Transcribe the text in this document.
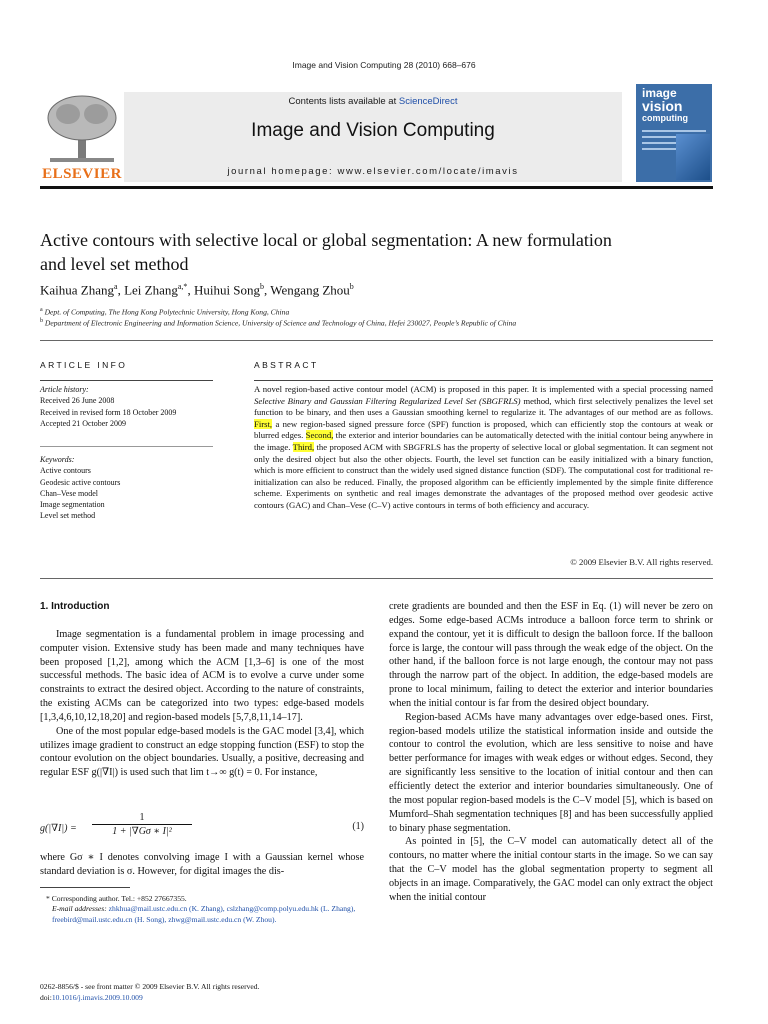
Image and Vision Computing 28 (2010) 668–676
ELSEVIER
Contents lists available at ScienceDirect
Image and Vision Computing
journal homepage: www.elsevier.com/locate/imavis
image
vision
computing
Active contours with selective local or global segmentation: A new formulation
and level set method
Kaihua Zhang$^a$, Lei Zhang$^{a,*}$, Huihui Song$^b$, Wengang Zhou$^b$
$^a$ Dept. of Computing, The Hong Kong Polytechnic University, Hong Kong, China
$^b$ Department of Electronic Engineering and Information Science, University of Science and Technology of China, Hefei 230027, People’s Republic of China
ARTICLE INFO
Article history:
Received 26 June 2008
Received in revised form 18 October 2009
Accepted 21 October 2009
Keywords:
Active contours
Geodesic active contours
Chan–Vese model
Image segmentation
Level set method
ABSTRACT
A novel region-based active contour model (ACM) is proposed in this paper. It is implemented with a special processing named Selective Binary and Gaussian Filtering Regularized Level Set (SBGFRLS) method, which first selectively penalizes the level set function to be binary, and then uses a Gaussian smoothing kernel to regularize it. The advantages of our method are as follows. First, a new region-based signed pressure force (SPF) function is proposed, which can efficiently stop the contours at weak or blurred edges. Second, the exterior and interior boundaries can be automatically detected with the initial contour being anywhere in the image. Third, the proposed ACM with SBGFRLS has the property of selective local or global segmentation. It can segment not only the desired object but also the other objects. Fourth, the level set function can be easily initialized with a binary function, which is more efficient to construct than the widely used signed distance function (SDF). The computational cost for traditional re-initialization can also be reduced. Finally, the proposed algorithm can be efficiently implemented by the simple finite difference scheme. Experiments on synthetic and real images demonstrate the advantages of the proposed method over geodesic active contours (GAC) and Chan–Vese (C–V) active contours in terms of both efficiency and accuracy.
© 2009 Elsevier B.V. All rights reserved.
1. Introduction

Image segmentation is a fundamental problem in image processing and computer vision. Extensive study has been made and many techniques have been proposed [1,2], among which the ACM [1,3–6] is one of the most successful methods. The basic idea of ACM is to evolve a curve under some constraints to extract the desired object. According to the nature of constraints, the existing ACMs can be categorized into two types: edge-based models [1,3,4,6,10,12,18,20] and region-based models [5,7,8,11,14–17].

One of the most popular edge-based models is the GAC model [3,4], which utilizes image gradient to construct an edge stopping function (ESF) to stop the contour evolution on the object boundaries. Usually, a positive, decreasing and regular ESF g(|∇I|) is used such that lim t→∞ g(t) = 0. For instance,

g(|∇I|) =
1
1 + |∇Gσ ∗ I|²	(1)

where Gσ ∗ I denotes convolving image I with a Gaussian kernel whose standard deviation is σ. However, for digital images the dis-

* Corresponding author. Tel.: +852 27667355.
E-mail addresses: zhkhua@mail.ustc.edu.cn (K. Zhang), cslzhang@comp.polyu.edu.hk (L. Zhang), freebird@mail.ustc.edu.cn (H. Song), zhwg@mail.ustc.edu.cn (W. Zhou).
0262-8856/$ - see front matter © 2009 Elsevier B.V. All rights reserved.
doi:10.1016/j.imavis.2009.10.009

crete gradients are bounded and then the ESF in Eq. (1) will never be zero on edges. Some edge-based ACMs introduce a balloon force term to shrink or expand the contour, yet it is difficult to design the balloon force. If the balloon force is large, the contour will pass through the weak edge of the object. On the other hand, if the balloon force is not large enough, the contour may not pass through the narrow part of the object. In addition, the edge-based models are prone to local minimum, failing to detect the exterior and interior boundaries when the initial contour is far from the desired object boundary.

Region-based ACMs have many advantages over edge-based ones. First, region-based models utilize the statistical information inside and outside the contour to control the evolution, which are less sensitive to noise and have better performance for images with weak edges or without edges. Second, they are significantly less sensitive to the location of initial contour and then can efficiently detect the exterior and interior boundaries simultaneously. One of the most popular region-based models is the C–V model [5], which is based on Mumford–Shah segmentation techniques [8] and has been successfully applied to binary phase segmentation.

As pointed in [5], the C–V model can automatically detect all of the contours, no matter where the initial contour starts in the image. So we can say that the C–V model has the global segmentation property to segment all objects in an image. Comparatively, the GAC model can only extract the object when the initial contour
